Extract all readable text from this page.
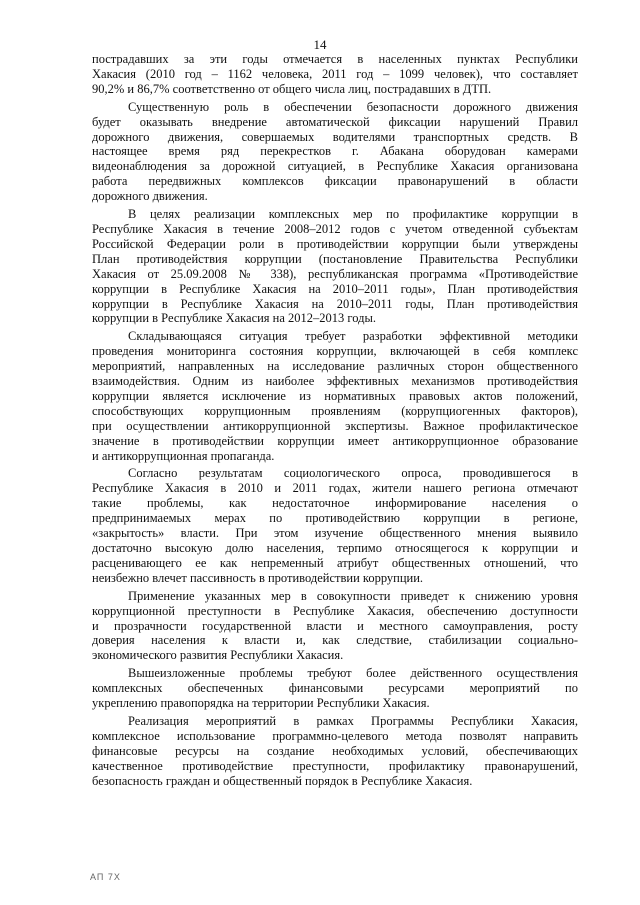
14
пострадавших за эти годы отмечается в населенных пунктах Республики
Хакасия (2010 год – 1162 человека, 2011 год – 1099 человек), что составляет
90,2% и 86,7% соответственно от общего числа лиц, пострадавших в ДТП.
Существенную роль в обеспечении безопасности дорожного движения
будет оказывать внедрение автоматической фиксации нарушений Правил
дорожного движения, совершаемых водителями транспортных средств. В
настоящее время ряд перекрестков г. Абакана оборудован камерами
видеонаблюдения за дорожной ситуацией, в Республике Хакасия организована
работа передвижных комплексов фиксации правонарушений в области
дорожного движения.
В целях реализации комплексных мер по профилактике коррупции в
Республике Хакасия в течение 2008–2012 годов с учетом отведенной субъектам
Российской Федерации роли в противодействии коррупции были утверждены
План противодействия коррупции (постановление Правительства Республики
Хакасия от 25.09.2008 № 338), республиканская программа «Противодействие
коррупции в Республике Хакасия на 2010–2011 годы», План противодействия
коррупции в Республике Хакасия на 2010–2011 годы, План противодействия
коррупции в Республике Хакасия на 2012–2013 годы.
Складывающаяся ситуация требует разработки эффективной методики
проведения мониторинга состояния коррупции, включающей в себя комплекс
мероприятий, направленных на исследование различных сторон общественного
взаимодействия. Одним из наиболее эффективных механизмов противодействия
коррупции является исключение из нормативных правовых актов положений,
способствующих коррупционным проявлениям (коррупциогенных факторов),
при осуществлении антикоррупционной экспертизы. Важное профилактическое
значение в противодействии коррупции имеет антикоррупционное образование
и антикоррупционная пропаганда.
Согласно результатам социологического опроса, проводившегося в
Республике Хакасия в 2010 и 2011 годах, жители нашего региона отмечают
такие проблемы, как недостаточное информирование населения о
предпринимаемых мерах по противодействию коррупции в регионе,
«закрытость» власти. При этом изучение общественного мнения выявило
достаточно высокую долю населения, терпимо относящегося к коррупции и
расценивающего ее как непременный атрибут общественных отношений, что
неизбежно влечет пассивность в противодействии коррупции.
Применение указанных мер в совокупности приведет к снижению уровня
коррупционной преступности в Республике Хакасия, обеспечению доступности
и прозрачности государственной власти и местного самоуправления, росту
доверия населения к власти и, как следствие, стабилизации социально-
экономического развития Республики Хакасия.
Вышеизложенные проблемы требуют более действенного осуществления
комплексных обеспеченных финансовыми ресурсами мероприятий по
укреплению правопорядка на территории Республики Хакасия.
Реализация мероприятий в рамках Программы Республики Хакасия,
комплексное использование программно-целевого метода позволят направить
финансовые ресурсы на создание необходимых условий, обеспечивающих
качественное противодействие преступности, профилактику правонарушений,
безопасность граждан и общественный порядок в Республике Хакасия.
АП 7Х
